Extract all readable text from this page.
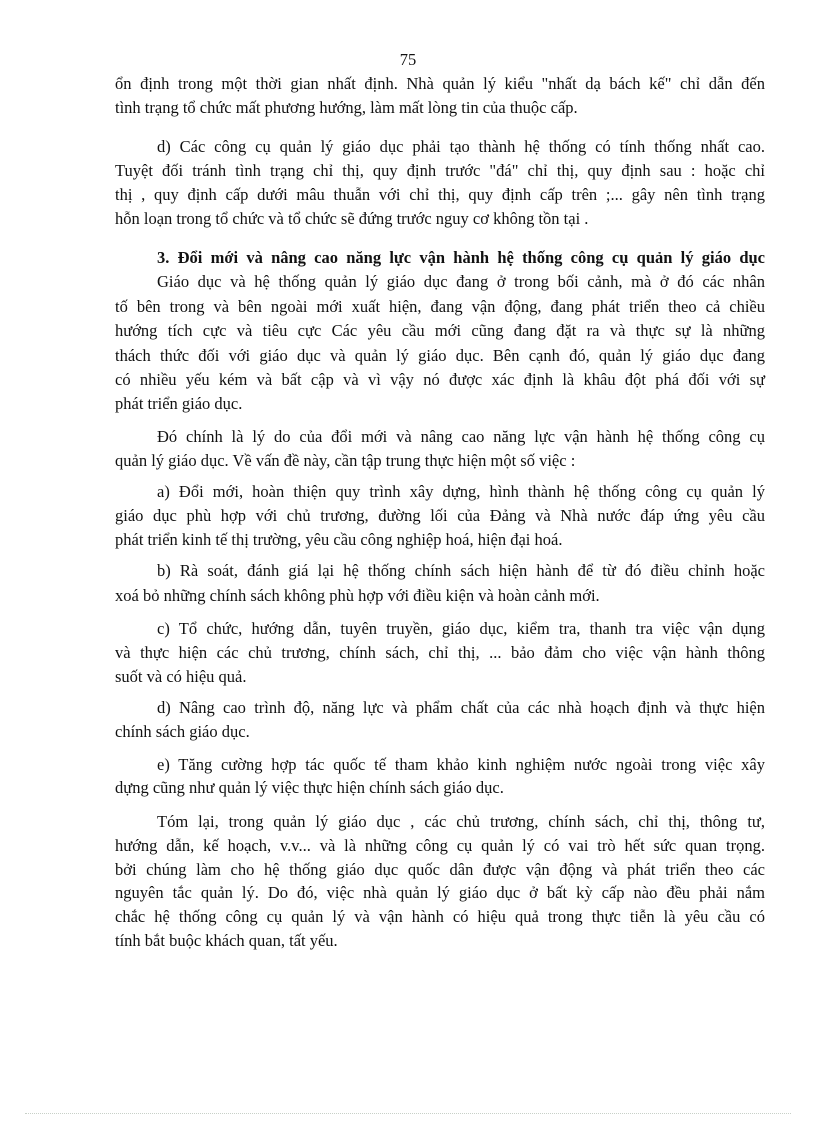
75
ổn định trong một thời gian nhất định. Nhà quản lý kiểu "nhất dạ bách kế" chỉ dẫn đến
tình trạng tổ chức mất phương hướng, làm mất lòng tin của thuộc cấp.
d) Các công cụ quản lý giáo dục phải tạo thành hệ thống có tính thống nhất cao.
Tuyệt đối tránh tình trạng chỉ thị, quy định trước "đá" chỉ thị, quy định sau : hoặc chỉ
thị , quy định cấp dưới mâu thuẫn với chỉ thị, quy định cấp trên ;... gây nên tình trạng
hỗn loạn trong tổ chức và tổ chức sẽ đứng trước nguy cơ không tồn tại .
3. Đổi mới và nâng cao năng lực vận hành hệ thống công cụ quản lý giáo dục
Giáo dục và hệ thống quản lý giáo dục đang ở trong bối cảnh, mà ở đó các nhân
tố bên trong và bên ngoài mới xuất hiện, đang vận động, đang phát triển theo cả chiều
hướng tích cực và tiêu cực Các yêu cầu mới cũng đang đặt ra và thực sự là những
thách thức đối với giáo dục và quản lý giáo dục. Bên cạnh đó, quản lý giáo dục đang
có nhiều yếu kém và bất cập và vì vậy nó được xác định là khâu đột phá đối với sự
phát triển giáo dục.
Đó chính là lý do của đổi mới và nâng cao năng lực vận hành hệ thống công cụ
quản lý giáo dục. Về vấn đề này, cần tập trung thực hiện một số việc :
a) Đổi mới, hoàn thiện quy trình xây dựng, hình thành hệ thống công cụ quản lý
giáo dục phù hợp với chủ trương, đường lối của Đảng và Nhà nước đáp ứng yêu cầu
phát triển kinh tế thị trường, yêu cầu công nghiệp hoá, hiện đại hoá.
b) Rà soát, đánh giá lại hệ thống chính sách hiện hành để từ đó điều chỉnh hoặc
xoá bỏ những chính sách không phù hợp với điều kiện và hoàn cảnh mới.
c) Tổ chức, hướng dẫn, tuyên truyền, giáo dục, kiểm tra, thanh tra việc vận dụng
và thực hiện các chủ trương, chính sách, chỉ thị, ... bảo đảm cho việc vận hành thông
suốt và có hiệu quả.
d) Nâng cao trình độ, năng lực và phẩm chất của các nhà hoạch định và thực hiện
chính sách giáo dục.
e) Tăng cường hợp tác quốc tế tham khảo kinh nghiệm nước ngoài trong việc xây
dựng cũng như quản lý việc thực hiện chính sách giáo dục.
Tóm lại, trong quản lý giáo dục , các chủ trương, chính sách, chỉ thị, thông tư,
hướng dẫn, kế hoạch, v.v... và là những công cụ quản lý có vai trò hết sức quan trọng.
bởi chúng làm cho hệ thống giáo dục quốc dân được vận động và phát triển theo các
nguyên tắc quản lý. Do đó, việc nhà quản lý giáo dục ở bất kỳ cấp nào đều phải nắm
chắc hệ thống công cụ quản lý và vận hành có hiệu quả trong thực tiễn là yêu cầu có
tính bắt buộc khách quan, tất yếu.
